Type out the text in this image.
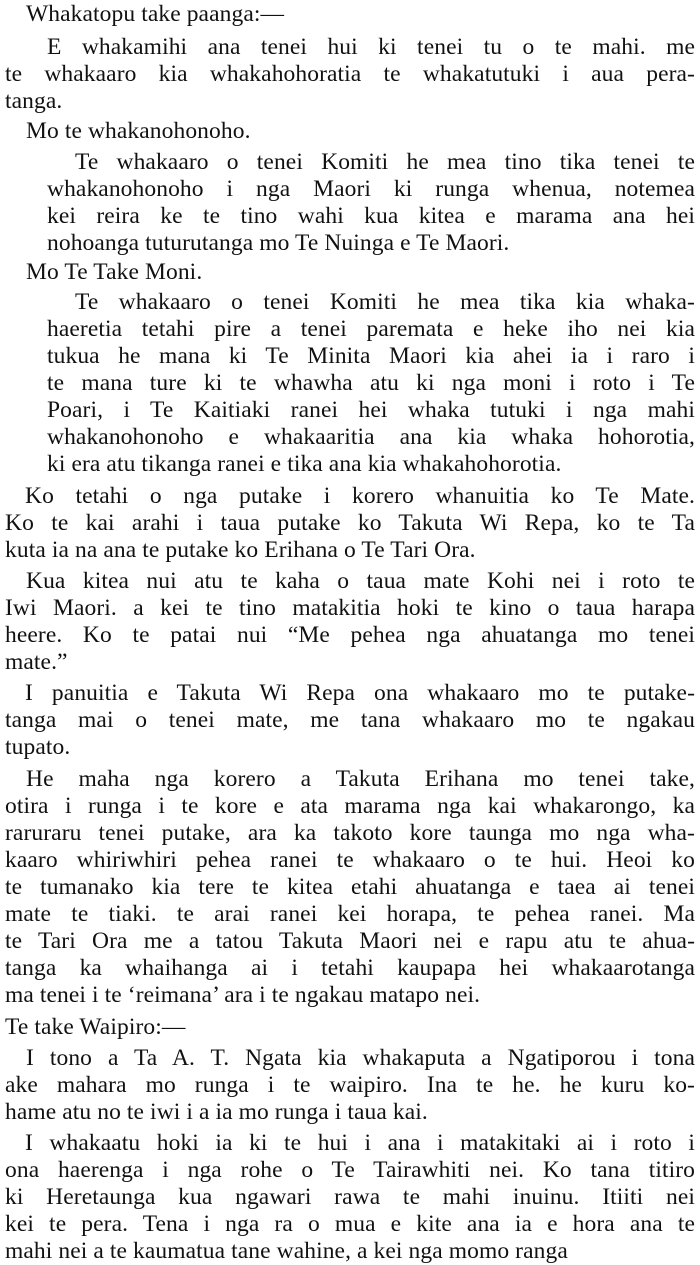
Whakatopu take paanga:—
E whakamihi ana tenei hui ki tenei tu o te mahi. me
te whakaaro kia whakahohoratia te whakatutuki i aua pera-
tanga.
Mo te whakanohonoho.
Te whakaaro o tenei Komiti he mea tino tika tenei te
whakanohonoho i nga Maori ki runga whenua, notemea
kei reira ke te tino wahi kua kitea e marama ana hei
nohoanga tuturutanga mo Te Nuinga e Te Maori.
Mo Te Take Moni.
Te whakaaro o tenei Komiti he mea tika kia whaka-
haeretia tetahi pire a tenei paremata e heke iho nei kia
tukua he mana ki Te Minita Maori kia ahei ia i raro i
te mana ture ki te whawha atu ki nga moni i roto i Te
Poari, i Te Kaitiaki ranei hei whaka tutuki i nga mahi
whakanohonoho e whakaaritia ana kia whaka hohorotia,
ki era atu tikanga ranei e tika ana kia whakahohorotia.
Ko tetahi o nga putake i korero whanuitia ko Te Mate.
Ko te kai arahi i taua putake ko Takuta Wi Repa, ko te Ta
kuta ia na ana te putake ko Erihana o Te Tari Ora.
Kua kitea nui atu te kaha o taua mate Kohi nei i roto te
Iwi Maori. a kei te tino matakitia hoki te kino o taua harapa
heere. Ko te patai nui “Me pehea nga ahuatanga mo tenei
mate.”
I panuitia e Takuta Wi Repa ona whakaaro mo te putake-
tanga mai o tenei mate, me tana whakaaro mo te ngakau
tupato.
He maha nga korero a Takuta Erihana mo tenei take,
otira i runga i te kore e ata marama nga kai whakarongo, ka
raruraru tenei putake, ara ka takoto kore taunga mo nga wha-
kaaro whiriwhiri pehea ranei te whakaaro o te hui. Heoi ko
te tumanako kia tere te kitea etahi ahuatanga e taea ai tenei
mate te tiaki. te arai ranei kei horapa, te pehea ranei. Ma
te Tari Ora me a tatou Takuta Maori nei e rapu atu te ahua-
tanga ka whaihanga ai i tetahi kaupapa hei whakaarotanga
ma tenei i te ‘reimana’ ara i te ngakau matapo nei.
Te take Waipiro:—
I tono a Ta A. T. Ngata kia whakaputa a Ngatiporou i tona
ake mahara mo runga i te waipiro. Ina te he. he kuru ko-
hame atu no te iwi i a ia mo runga i taua kai.
I whakaatu hoki ia ki te hui i ana i matakitaki ai i roto i
ona haerenga i nga rohe o Te Tairawhiti nei. Ko tana titiro
ki Heretaunga kua ngawari rawa te mahi inuinu. Itiiti nei
kei te pera. Tena i nga ra o mua e kite ana ia e hora ana te
mahi nei a te kaumatua tane wahine, a kei nga momo ranga
